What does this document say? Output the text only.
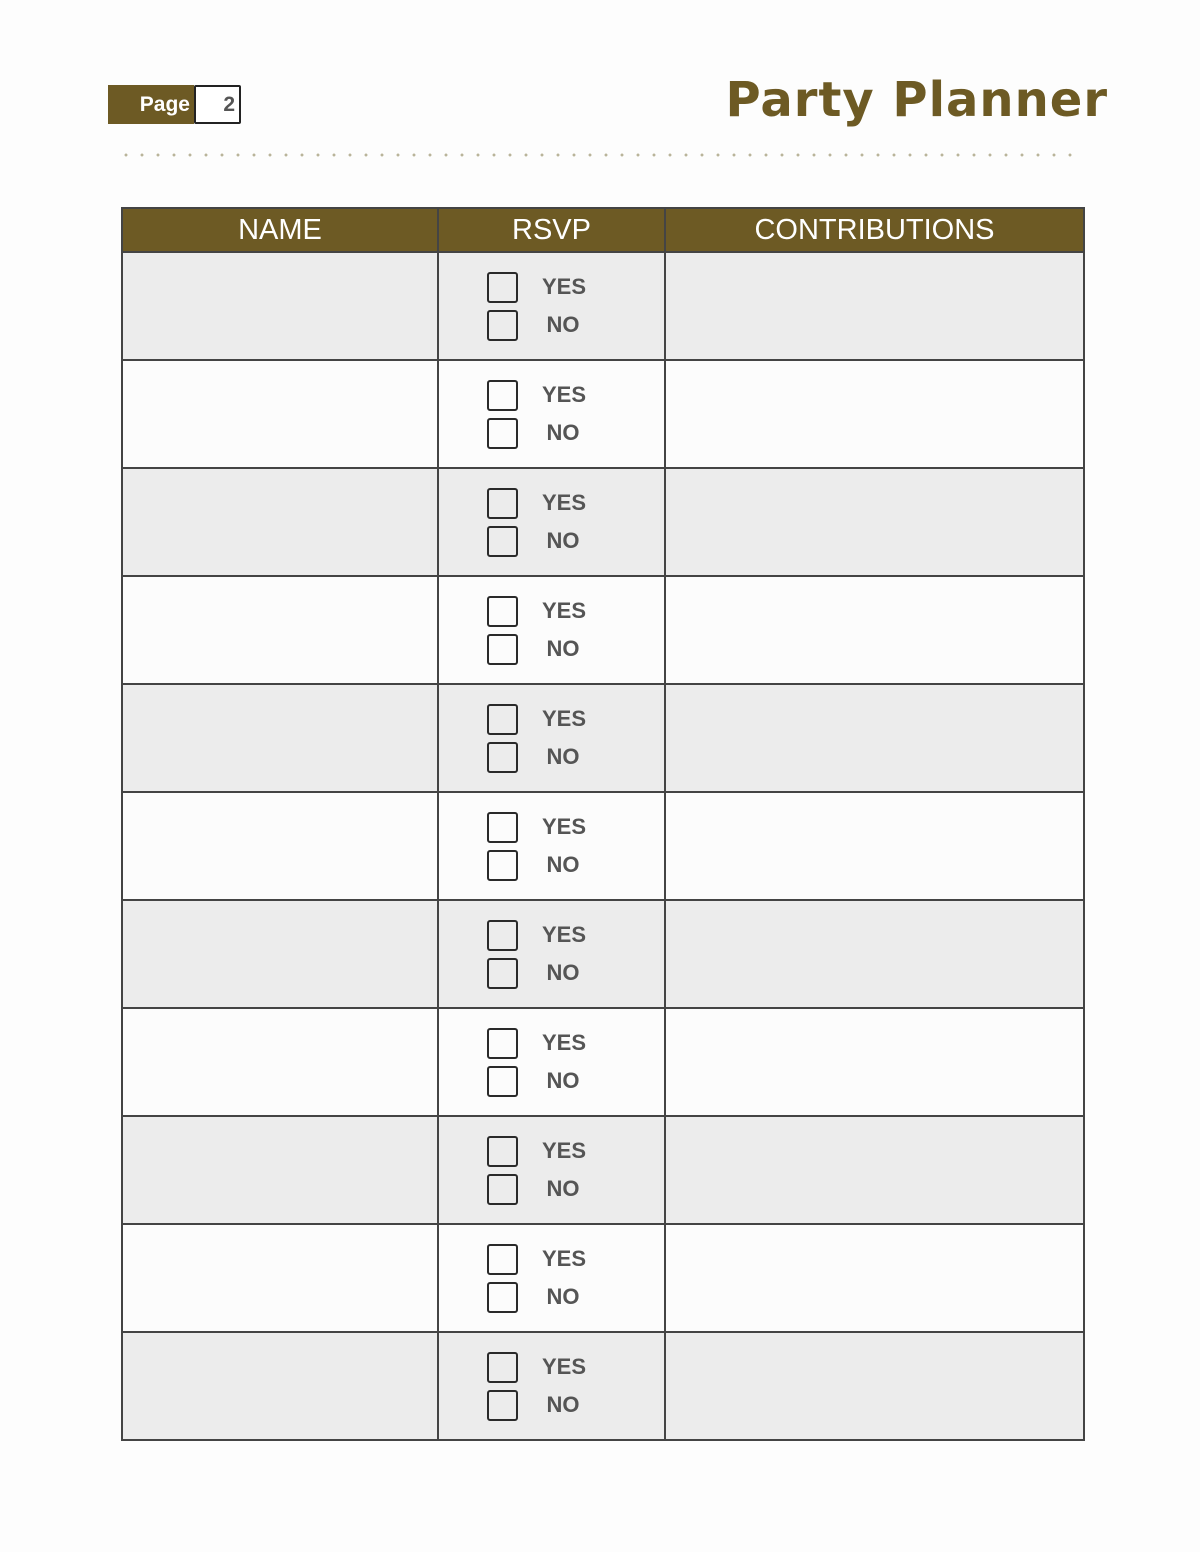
Page	2	Party Planner
NAME	RSVP	CONTRIBUTIONS

	YES
NO	

	YES
NO	

	YES
NO	

	YES
NO	

	YES
NO	

	YES
NO	

	YES
NO	

	YES
NO	

	YES
NO	

	YES
NO	

	YES
NO	
